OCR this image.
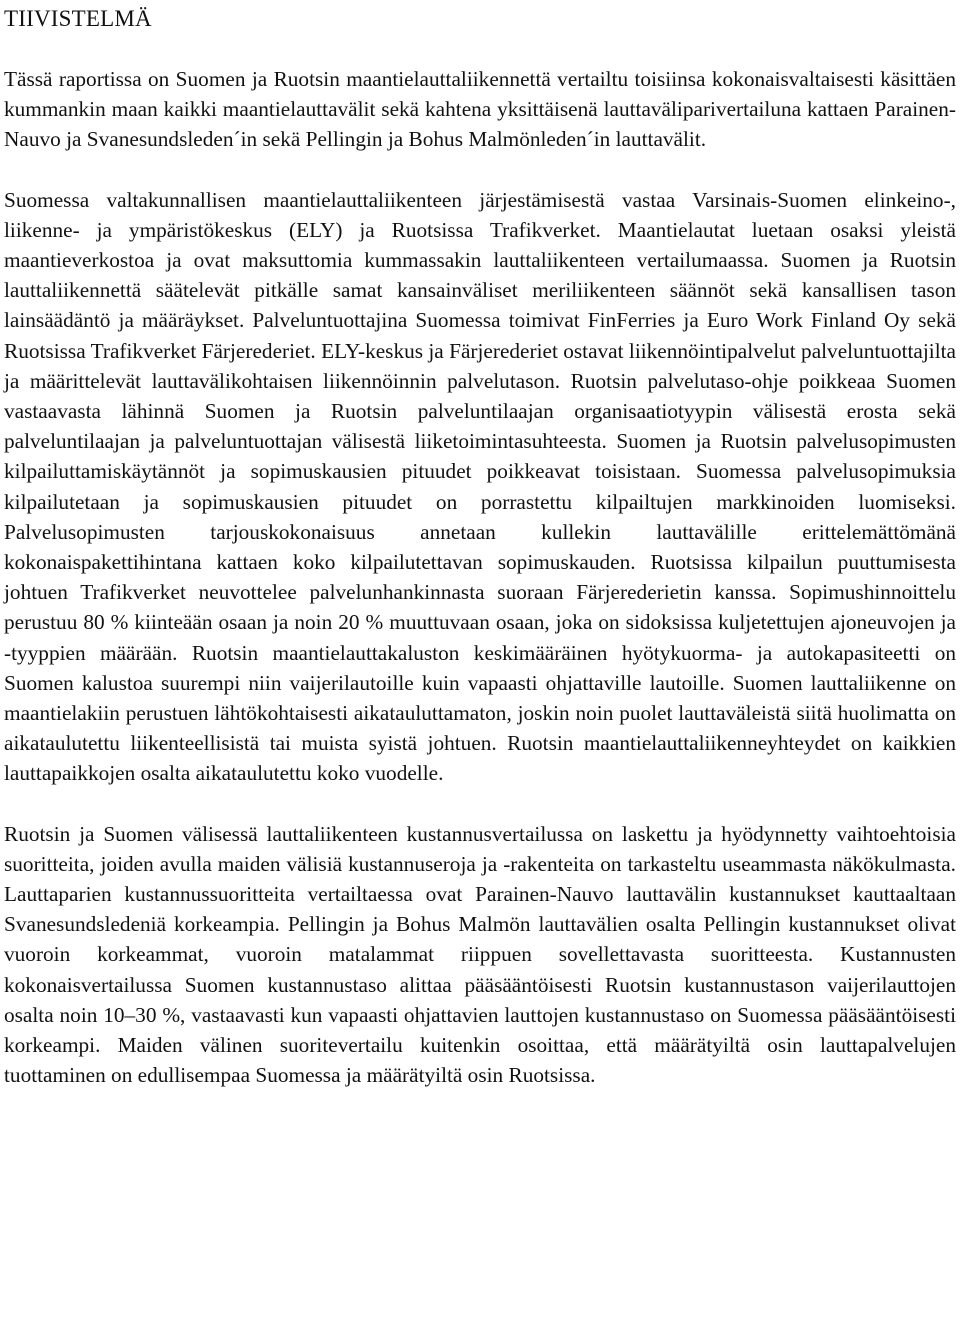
TIIVISTELMÄ

Tässä raportissa on Suomen ja Ruotsin maantielauttaliikennettä vertailtu toisiinsa kokonaisvaltaisesti käsittäen kummankin maan kaikki maantielauttavälit sekä kahtena yksittäisenä lauttaväliparivertailuna kattaen Parainen-Nauvo ja Svanesundsleden´in sekä Pellingin ja Bohus Malmönleden´in lauttavälit.

Suomessa valtakunnallisen maantielauttaliikenteen järjestämisestä vastaa Varsinais-Suomen elinkeino-, liikenne- ja ympäristökeskus (ELY) ja Ruotsissa Trafikverket. Maantielautat luetaan osaksi yleistä maantieverkostoa ja ovat maksuttomia kummassakin lauttaliikenteen vertailumaassa. Suomen ja Ruotsin lauttaliikennettä säätelevät pitkälle samat kansainväliset meriliikenteen säännöt sekä kansallisen tason lainsäädäntö ja määräykset. Palveluntuottajina Suomessa toimivat FinFerries ja Euro Work Finland Oy sekä Ruotsissa Trafikverket Färjerederiet. ELY-keskus ja Färjerederiet ostavat liikennöintipalvelut palveluntuottajilta ja määrittelevät lauttavälikohtaisen liikennöinnin palvelutason. Ruotsin palvelutaso-ohje poikkeaa Suomen vastaavasta lähinnä Suomen ja Ruotsin palveluntilaajan organisaatiotyypin välisestä erosta sekä palveluntilaajan ja palveluntuottajan välisestä liiketoimintasuhteesta. Suomen ja Ruotsin palvelusopimusten kilpailuttamiskäytännöt ja sopimuskausien pituudet poikkeavat toisistaan. Suomessa palvelusopimuksia kilpailutetaan ja sopimuskausien pituudet on porrastettu kilpailtujen markkinoiden luomiseksi. Palvelusopimusten tarjouskokonaisuus annetaan kullekin lauttavälille erittelemättömänä kokonaispakettihintana kattaen koko kilpailutettavan sopimuskauden. Ruotsissa kilpailun puuttumisesta johtuen Trafikverket neuvottelee palvelunhankinnasta suoraan Färjerederietin kanssa. Sopimushinnoittelu perustuu 80 % kiinteään osaan ja noin 20 % muuttuvaan osaan, joka on sidoksissa kuljetettujen ajoneuvojen ja -tyyppien määrään. Ruotsin maantielauttakaluston keskimääräinen hyötykuorma- ja autokapasiteetti on Suomen kalustoa suurempi niin vaijerilautoille kuin vapaasti ohjattaville lautoille. Suomen lauttaliikenne on maantielakiin perustuen lähtökohtaisesti aikatauluttamaton, joskin noin puolet lauttaväleistä siitä huolimatta on aikataulutettu liikenteellisistä tai muista syistä johtuen. Ruotsin maantielauttaliikenneyhteydet on kaikkien lauttapaikkojen osalta aikataulutettu koko vuodelle.

Ruotsin ja Suomen välisessä lauttaliikenteen kustannusvertailussa on laskettu ja hyödynnetty vaihtoehtoisia suoritteita, joiden avulla maiden välisiä kustannuseroja ja -rakenteita on tarkasteltu useammasta näkökulmasta. Lauttaparien kustannussuoritteita vertailtaessa ovat Parainen-Nauvo lauttavälin kustannukset kauttaaltaan Svanesundsledeniä korkeampia. Pellingin ja Bohus Malmön lauttavälien osalta Pellingin kustannukset olivat vuoroin korkeammat, vuoroin matalammat riippuen sovellettavasta suoritteesta. Kustannusten kokonaisvertailussa Suomen kustannustaso alittaa pääsääntöisesti Ruotsin kustannustason vaijerilauttojen osalta noin 10–30 %, vastaavasti kun vapaasti ohjattavien lauttojen kustannustaso on Suomessa pääsääntöisesti korkeampi. Maiden välinen suoritevertailu kuitenkin osoittaa, että määrätyiltä osin lauttapalvelujen tuottaminen on edullisempaa Suomessa ja määrätyiltä osin Ruotsissa.
